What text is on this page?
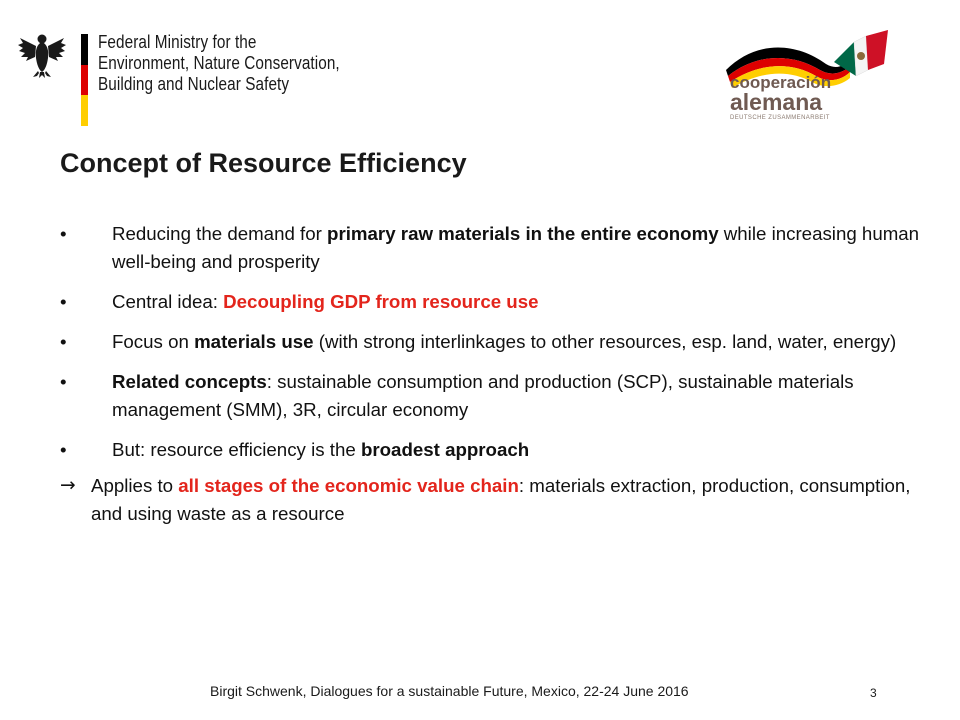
Federal Ministry for the
Environment, Nature Conservation,
Building and Nuclear Safety	cooperación
alemana
DEUTSCHE ZUSAMMENARBEIT
Concept of Resource Efficiency
• Reducing the demand for primary raw materials in the entire economy while increasing human well-being and prosperity
• Central idea: Decoupling GDP from resource use
• Focus on materials use (with strong interlinkages to other resources, esp. land, water, energy)
• Related concepts: sustainable consumption and production (SCP), sustainable materials management (SMM), 3R, circular economy
• But: resource efficiency is the broadest approach
→ Applies to all stages of the economic value chain: materials extraction, production, consumption, and using waste as a resource
Birgit Schwenk, Dialogues for a sustainable Future, Mexico, 22-24 June 2016	3
